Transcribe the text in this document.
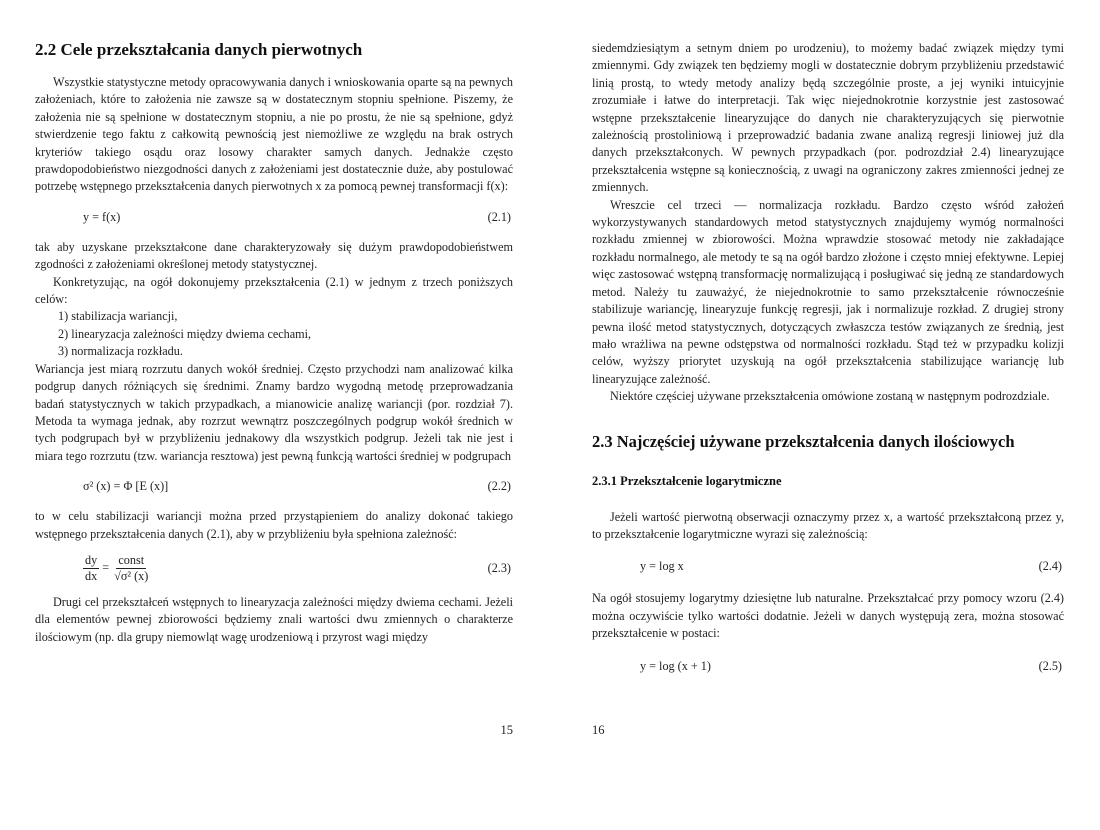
2.2 Cele przekształcania danych pierwotnych

Wszystkie statystyczne metody opracowywania danych i wnioskowania oparte są na pewnych założeniach, które to założenia nie zawsze są w dostatecznym stopniu spełnione. Piszemy, że założenia nie są spełnione w dostatecznym stopniu, a nie po prostu, że nie są spełnione, gdyż stwierdzenie tego faktu z całkowitą pewnością jest niemożliwe ze względu na brak ostrych kryteriów takiego osądu oraz losowy charakter samych danych. Jednakże często prawdopodobieństwo niezgodności danych z założeniami jest dostatecznie duże, aby postulować potrzebę wstępnego przekształcenia danych pierwotnych x za pomocą pewnej transformacji f(x):

y = f(x)	(2.1)

tak aby uzyskane przekształcone dane charakteryzowały się dużym prawdopodobieństwem zgodności z założeniami określonej metody statystycznej.

Konkretyzując, na ogół dokonujemy przekształcenia (2.1) w jednym z trzech poniższych celów:

1) stabilizacja wariancji,
2) linearyzacja zależności między dwiema cechami,
3) normalizacja rozkładu.

Wariancja jest miarą rozrzutu danych wokół średniej. Często przychodzi nam analizować kilka podgrup danych różniących się średnimi. Znamy bardzo wygodną metodę przeprowadzania badań statystycznych w takich przypadkach, a mianowicie analizę wariancji (por. rozdział 7). Metoda ta wymaga jednak, aby rozrzut wewnątrz poszczególnych podgrup wokół średnich w tych podgrupach był w przybliżeniu jednakowy dla wszystkich podgrup. Jeżeli tak nie jest i miara tego rozrzutu (tzw. wariancja resztowa) jest pewną funkcją wartości średniej w podgrupach

σ² (x) = Φ [E (x)]	(2.2)

to w celu stabilizacji wariancji można przed przystąpieniem do analizy dokonać takiego wstępnego przekształcenia danych (2.1), aby w przybliżeniu była spełniona zależność:

$\frac{dy}{dx} = \frac{\text{const}}{\text{√σ² (x)}}$	(2.3)

Drugi cel przekształceń wstępnych to linearyzacja zależności między dwiema cechami. Jeżeli dla elementów pewnej zbiorowości będziemy znali wartości dwu zmiennych o charakterze ilościowym (np. dla grupy niemowląt wagę urodzeniową i przyrost wagi między

15

siedemdziesiątym a setnym dniem po urodzeniu), to możemy badać związek między tymi zmiennymi. Gdy związek ten będziemy mogli w dostatecznie dobrym przybliżeniu przedstawić linią prostą, to wtedy metody analizy będą szczególnie proste, a jej wyniki intuicyjnie zrozumiałe i łatwe do interpretacji. Tak więc niejednokrotnie korzystnie jest zastosować wstępne przekształcenie linearyzujące do danych nie charakteryzujących się pierwotnie zależnością prostoliniową i przeprowadzić badania zwane analizą regresji liniowej już dla danych przekształconych. W pewnych przypadkach (por. podrozdział 2.4) linearyzujące przekształcenia wstępne są koniecznością, z uwagi na ograniczony zakres zmienności jednej ze zmiennych.

Wreszcie cel trzeci — normalizacja rozkładu. Bardzo często wśród założeń wykorzystywanych standardowych metod statystycznych znajdujemy wymóg normalności rozkładu zmiennej w zbiorowości. Można wprawdzie stosować metody nie zakładające rozkładu normalnego, ale metody te są na ogół bardzo złożone i często mniej efektywne. Lepiej więc zastosować wstępną transformację normalizującą i posługiwać się jedną ze standardowych metod. Należy tu zauważyć, że niejednokrotnie to samo przekształcenie równocześnie stabilizuje wariancję, linearyzuje funkcję regresji, jak i normalizuje rozkład. Z drugiej strony pewna ilość metod statystycznych, dotyczących zwłaszcza testów związanych ze średnią, jest mało wrażliwa na pewne odstępstwa od normalności rozkładu. Stąd też w przypadku kolizji celów, wyższy priorytet uzyskują na ogół przekształcenia stabilizujące wariancję lub linearyzujące zależność.

Niektóre częściej używane przekształcenia omówione zostaną w następnym podrozdziale.

2.3 Najczęściej używane przekształcenia danych ilościowych
2.3.1 Przekształcenie logarytmiczne

Jeżeli wartość pierwotną obserwacji oznaczymy przez x, a wartość przekształconą przez y, to przekształcenie logarytmiczne wyrazi się zależnością:

y = log x	(2.4)

Na ogół stosujemy logarytmy dziesiętne lub naturalne. Przekształcać przy pomocy wzoru (2.4) można oczywiście tylko wartości dodatnie. Jeżeli w danych występują zera, można stosować przekształcenie w postaci:

y = log (x + 1)	(2.5)
16
